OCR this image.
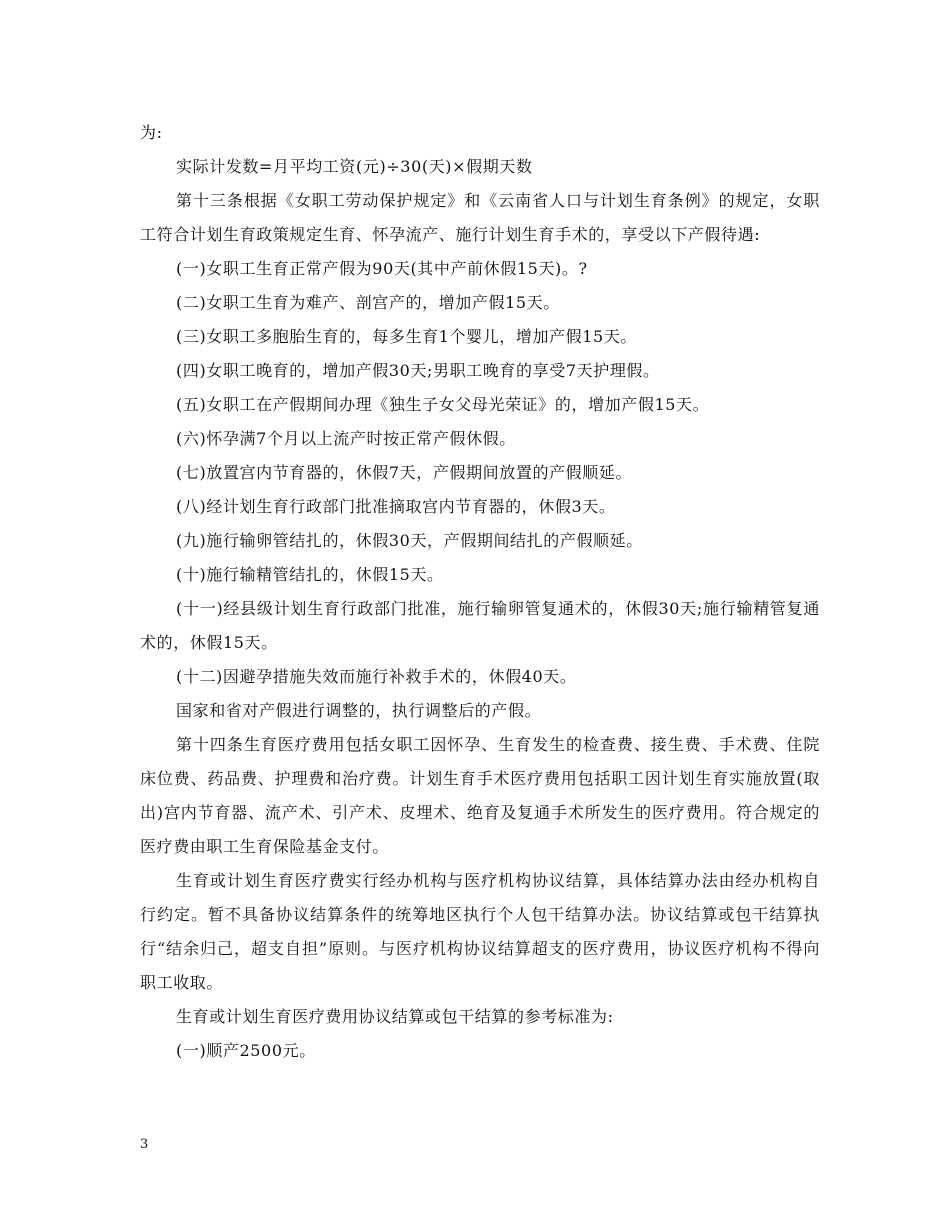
为:

实际计发数=月平均工资(元)÷30(天)×假期天数

第十三条根据《女职工劳动保护规定》和《云南省人口与计划生育条例》的规定，女职工符合计划生育政策规定生育、怀孕流产、施行计划生育手术的，享受以下产假待遇:

(一)女职工生育正常产假为90天(其中产前休假15天)。?

(二)女职工生育为难产、剖宫产的，增加产假15天。

(三)女职工多胞胎生育的，每多生育1个婴儿，增加产假15天。

(四)女职工晚育的，增加产假30天;男职工晚育的享受7天护理假。

(五)女职工在产假期间办理《独生子女父母光荣证》的，增加产假15天。

(六)怀孕满7个月以上流产时按正常产假休假。

(七)放置宫内节育器的，休假7天，产假期间放置的产假顺延。

(八)经计划生育行政部门批准摘取宫内节育器的，休假3天。

(九)施行输卵管结扎的，休假30天，产假期间结扎的产假顺延。

(十)施行输精管结扎的，休假15天。

(十一)经县级计划生育行政部门批准，施行输卵管复通术的，休假30天;施行输精管复通术的，休假15天。

(十二)因避孕措施失效而施行补救手术的，休假40天。

国家和省对产假进行调整的，执行调整后的产假。

第十四条生育医疗费用包括女职工因怀孕、生育发生的检查费、接生费、手术费、住院床位费、药品费、护理费和治疗费。计划生育手术医疗费用包括职工因计划生育实施放置(取出)宫内节育器、流产术、引产术、皮埋术、绝育及复通手术所发生的医疗费用。符合规定的医疗费由职工生育保险基金支付。

生育或计划生育医疗费实行经办机构与医疗机构协议结算，具体结算办法由经办机构自行约定。暂不具备协议结算条件的统筹地区执行个人包干结算办法。协议结算或包干结算执行“结余归己，超支自担”原则。与医疗机构协议结算超支的医疗费用，协议医疗机构不得向职工收取。

生育或计划生育医疗费用协议结算或包干结算的参考标准为:

(一)顺产2500元。

3
